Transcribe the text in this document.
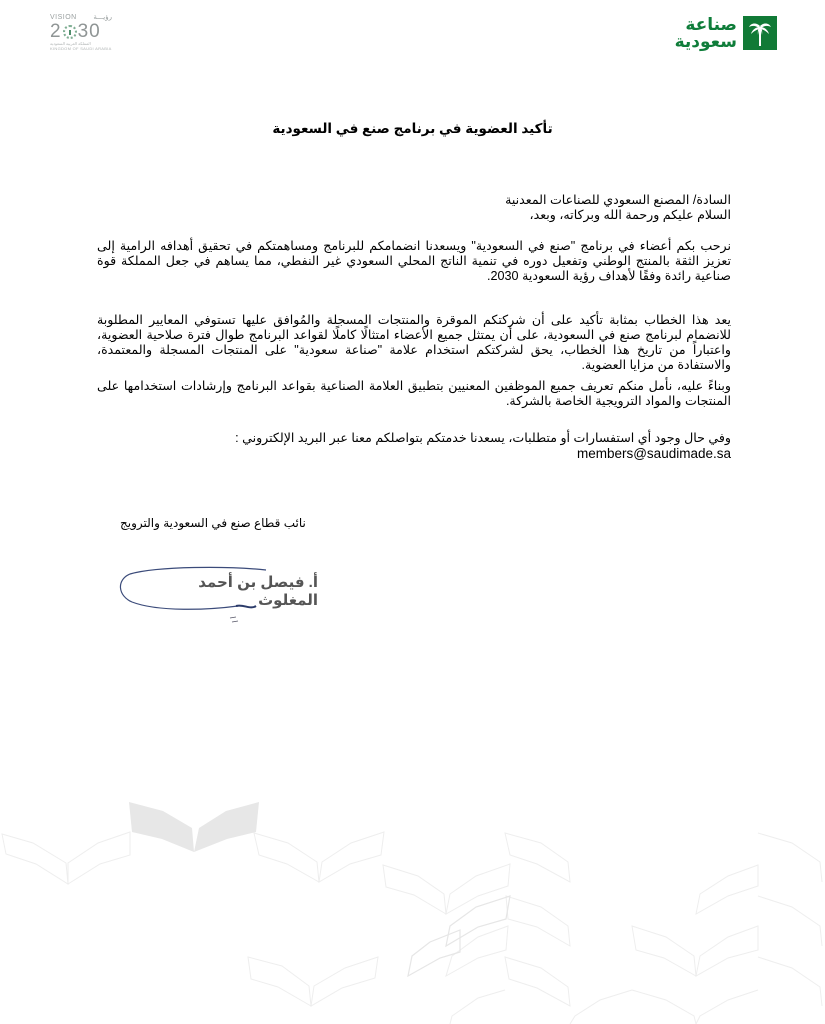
VISION رؤيـــة
2 30
المملكة العربية السعودية
KINGDOM OF SAUDI ARABIA
صناعة
سعودية
تأكيد العضوية في برنامج صنع في السعودية
السادة/ المصنع السعودي للصناعات المعدنية
السلام عليكم ورحمة الله وبركاته، وبعد،
نرحب بكم أعضاء في برنامج "صنع في السعودية" ويسعدنا انضمامكم للبرنامج ومساهمتكم في تحقيق أهدافه الرامية إلى تعزيز الثقة بالمنتج الوطني وتفعيل دوره في تنمية الناتج المحلي السعودي غير النفطي، مما يساهم في جعل المملكة قوة صناعية رائدة وفقًا لأهداف رؤية السعودية 2030.
يعد هذا الخطاب بمثابة تأكيد على أن شركتكم الموقرة والمنتجات المسجلة والمُوافق عليها تستوفي المعايير المطلوبة للانضمام لبرنامج صنع في السعودية، على أن يمتثل جميع الأعضاء امتثالًا كاملًا لقواعد البرنامج طوال فترة صلاحية العضوية، واعتباراً من تاريخ هذا الخطاب، يحق لشركتكم استخدام علامة "صناعة سعودية" على المنتجات المسجلة والمعتمدة، والاستفادة من مزايا العضوية.
وبناءً عليه، نأمل منكم تعريف جميع الموظفين المعنيين بتطبيق العلامة الصناعية بقواعد البرنامج وإرشادات استخدامها على المنتجات والمواد الترويجية الخاصة بالشركة.
وفي حال وجود أي استفسارات أو متطلبات، يسعدنا خدمتكم بتواصلكم معنا عبر البريد الإلكتروني : members@saudimade.sa
نائب قطاع صنع في السعودية والترويج
أ. فيصل بن أحمد المغلوث
